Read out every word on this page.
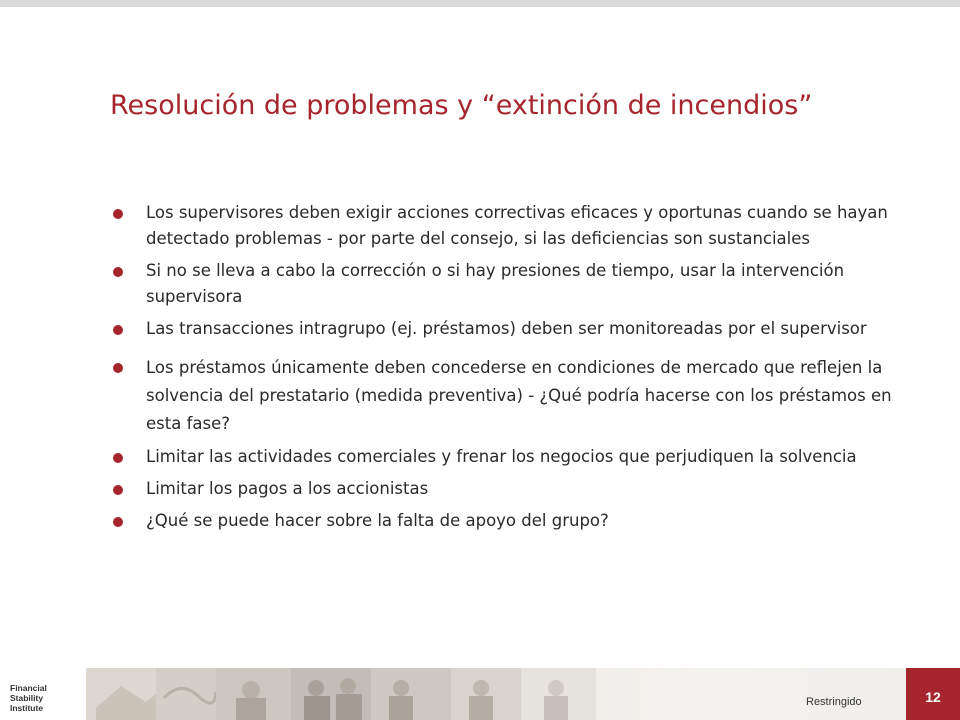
Resolución de problemas y “extinción de incendios”
Los supervisores deben exigir acciones correctivas eficaces y oportunas cuando se hayan detectado problemas - por parte del consejo, si las deficiencias son sustanciales
Si no se lleva a cabo la corrección o si hay presiones de tiempo, usar la intervención supervisora
Las transacciones intragrupo (ej. préstamos) deben ser monitoreadas por el supervisor
Los préstamos únicamente deben concederse en condiciones de mercado que reflejen la solvencia del prestatario (medida preventiva) - ¿Qué podría hacerse con los préstamos en esta fase?
Limitar las actividades comerciales y frenar los negocios que perjudiquen la solvencia
Limitar los pagos a los accionistas
¿Qué se puede hacer sobre la falta de apoyo del grupo?
Financial Stability
Institute	Restringido	12
